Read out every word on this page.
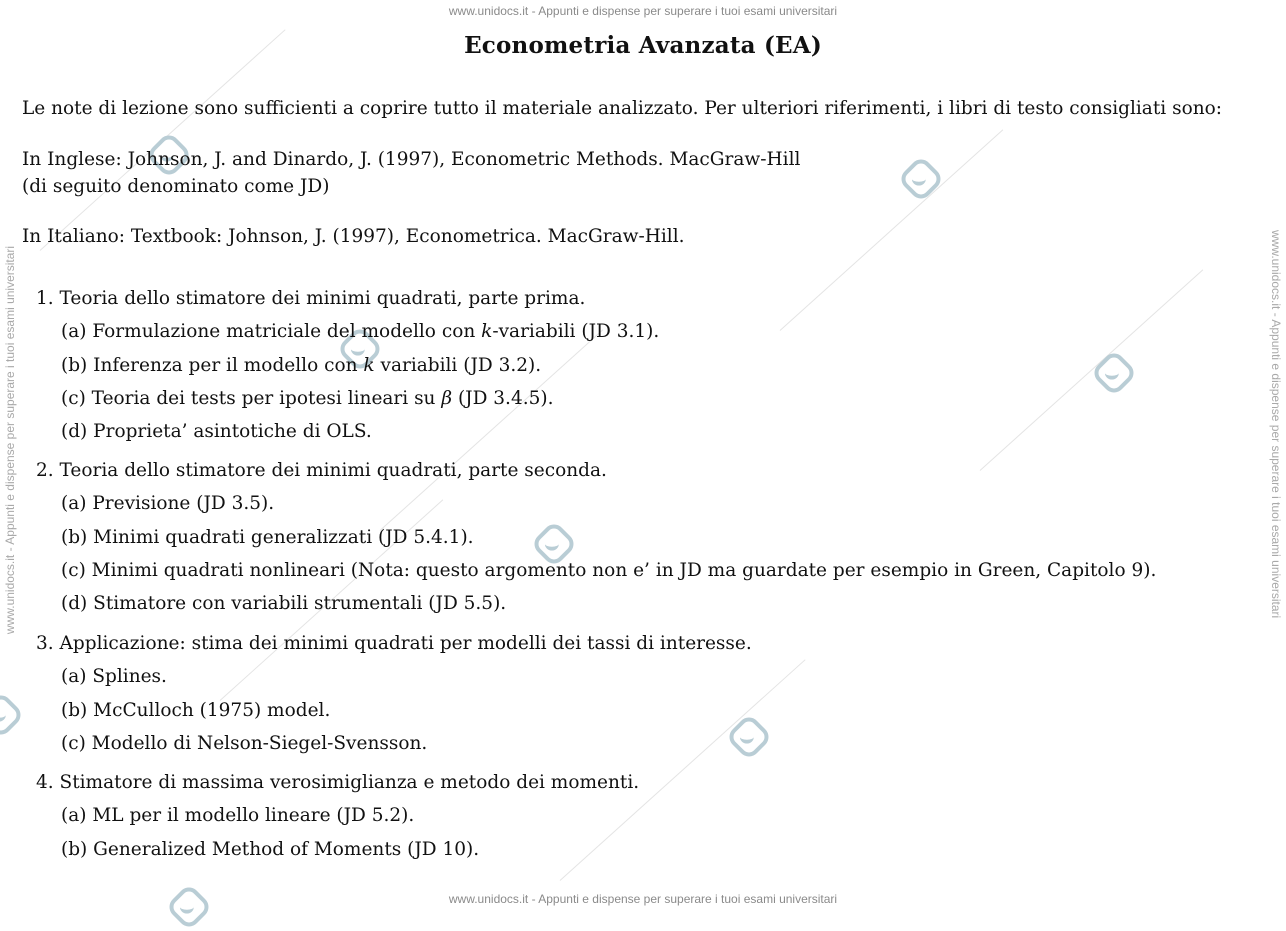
www.unidocs.it - Appunti e dispense per superare i tuoi esami universitari
www.unidocs.it - Appunti e dispense per superare i tuoi esami universitari
www.unidocs.it - Appunti e dispense per superare i tuoi esami universitari	www.unidocs.it - Appunti e dispense per superare i tuoi esami universitari
Econometria Avanzata (EA)
Le note di lezione sono sufficienti a coprire tutto il materiale analizzato. Per ulteriori riferimenti, i libri di testo consigliati sono:
In Inglese: Johnson, J. and Dinardo, J. (1997), Econometric Methods. MacGraw-Hill
(di seguito denominato come JD)
In Italiano: Textbook: Johnson, J. (1997), Econometrica. MacGraw-Hill.
1. Teoria dello stimatore dei minimi quadrati, parte prima.
(a) Formulazione matriciale del modello con k-variabili (JD 3.1).
(b) Inferenza per il modello con k variabili (JD 3.2).
(c) Teoria dei tests per ipotesi lineari su β (JD 3.4.5).
(d) Proprieta’ asintotiche di OLS.
2. Teoria dello stimatore dei minimi quadrati, parte seconda.
(a) Previsione (JD 3.5).
(b) Minimi quadrati generalizzati (JD 5.4.1).
(c) Minimi quadrati nonlineari (Nota: questo argomento non e’ in JD ma guardate per esempio in Green, Capitolo 9).
(d) Stimatore con variabili strumentali (JD 5.5).
3. Applicazione: stima dei minimi quadrati per modelli dei tassi di interesse.
(a) Splines.
(b) McCulloch (1975) model.
(c) Modello di Nelson-Siegel-Svensson.
4. Stimatore di massima verosimiglianza e metodo dei momenti.
(a) ML per il modello lineare (JD 5.2).
(b) Generalized Method of Moments (JD 10).
